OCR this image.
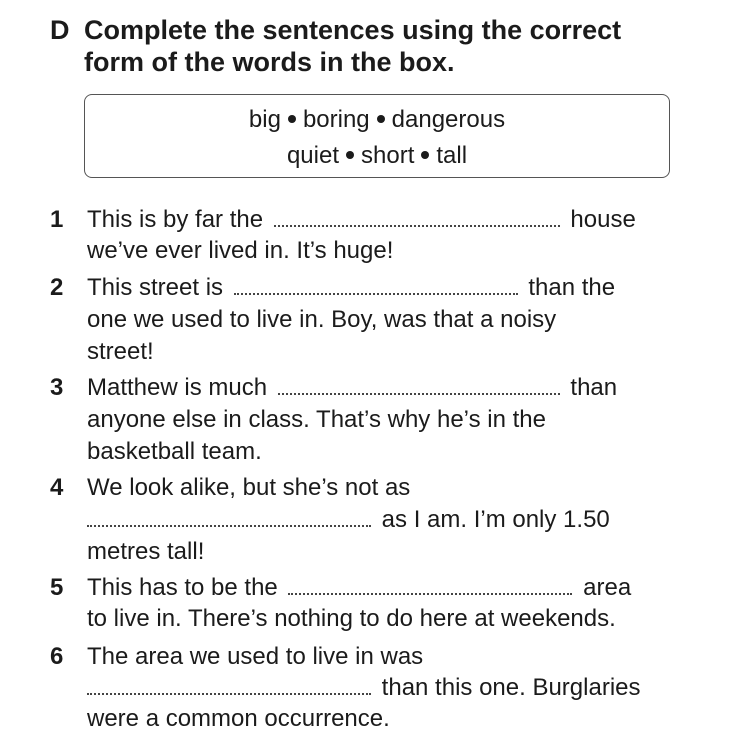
D Complete the sentences using the correct
form of the words in the box.
big boring dangerous
quiet short tall
1 This is by far the	house
we’ve ever lived in. It’s huge!
2 This street is	than the
one we used to live in. Boy, was that a noisy
street!
3 Matthew is much	than
anyone else in class. That’s why he’s in the
basketball team.
4 We look alike, but she’s not as
as I am. I’m only 1.50
metres tall!
5 This has to be the	area
to live in. There’s nothing to do here at weekends.
6 The area we used to live in was
than this one. Burglaries
were a common occurrence.
